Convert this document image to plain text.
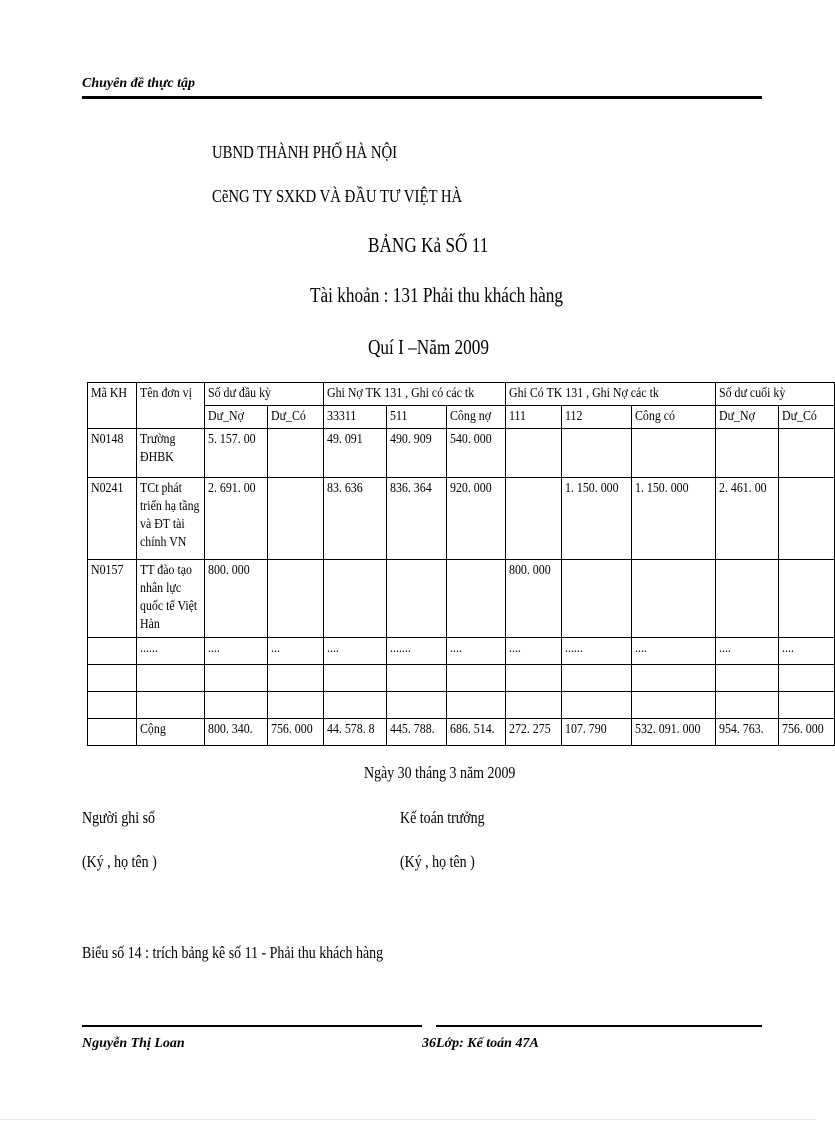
Chuyên đề thực tập
UBND THÀNH PHỐ HÀ NỘI
CẽNG TY SXKD VÀ ĐẦU TƯ VIỆT HÀ
BẢNG Kả SỐ 11
Tài khoản : 131 Phải thu khách hàng
Quí I –Năm 2009
Mã KH	Tên đơn vị	Số dư đầu kỳ		Ghi Nợ TK 131 , Ghi có các tk			Ghi Có TK 131 , Ghi Nợ các tk			Số dư cuối kỳ	
		Dư_Nợ	Dư_Có	33311	511	Công nợ	111	112	Công có	Dư_Nợ	Dư_Có
N0148	Trường ĐHBK	5. 157. 00		49. 091	490. 909	540. 000					
N0241	TCt phát triển hạ tầng và ĐT tài chính VN	2. 691. 00		83. 636	836. 364	920. 000		1. 150. 000	1. 150. 000	2. 461. 00	
N0157	TT đào tạo nhân lực quốc tế Việt Hàn	800. 000					800. 000				
	......	....	...	....	.......	....	....	......	....	....	....

	Cộng	800. 340.	756. 000	44. 578. 8	445. 788.	686. 514.	272. 275	107. 790	532. 091. 000	954. 763.	756. 000
Ngày 30 tháng 3 năm 2009
Người ghi sổ	Kế toán trưởng
(Ký , họ tên )	(Ký , họ tên )
Biểu số 14 : trích bảng kê số 11 - Phải thu khách hàng
Nguyễn Thị Loan	36Lớp: Kế toán 47A
